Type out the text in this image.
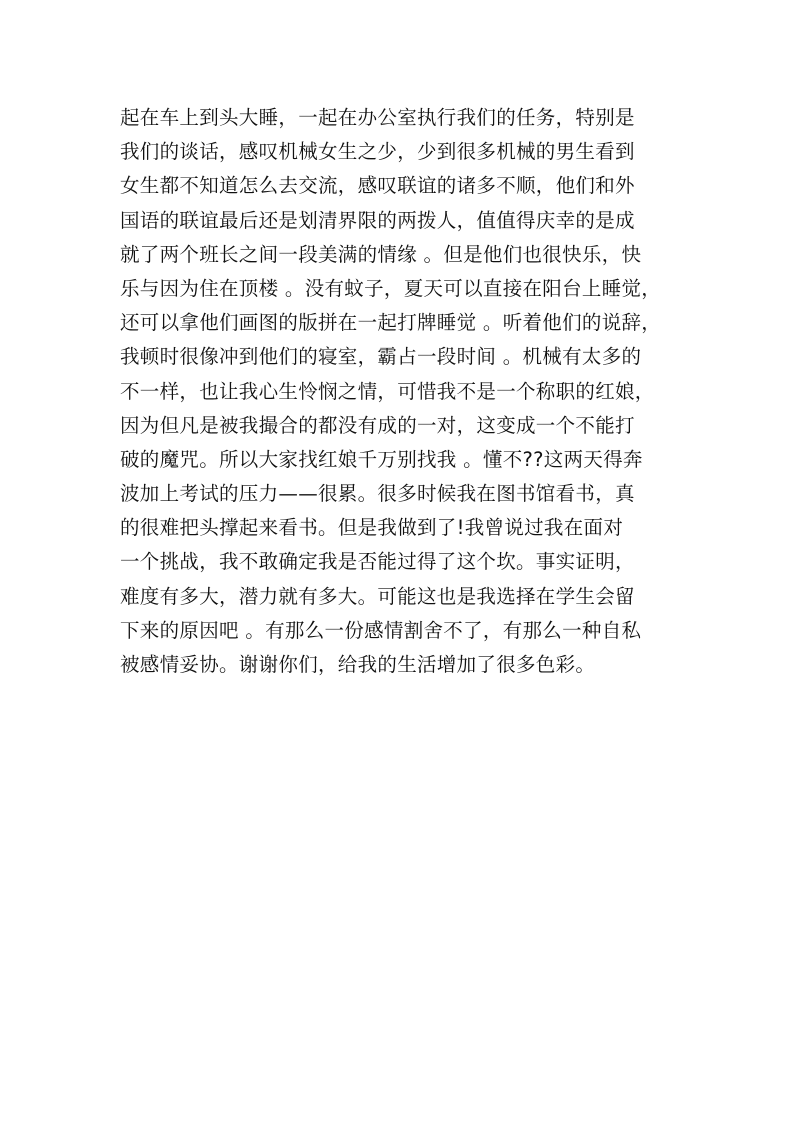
起在车上到头大睡，一起在办公室执行我们的任务，特别是
我们的谈话，感叹机械女生之少，少到很多机械的男生看到
女生都不知道怎么去交流，感叹联谊的诸多不顺，他们和外
国语的联谊最后还是划清界限的两拨人，值值得庆幸的是成
就了两个班长之间一段美满的情缘 。但是他们也很快乐，快
乐与因为住在顶楼 。没有蚊子，夏天可以直接在阳台上睡觉，
还可以拿他们画图的版拼在一起打牌睡觉 。听着他们的说辞，
我顿时很像冲到他们的寝室，霸占一段时间 。机械有太多的
不一样，也让我心生怜悯之情，可惜我不是一个称职的红娘，
因为但凡是被我撮合的都没有成的一对，这变成一个不能打
破的魔咒。所以大家找红娘千万别找我 。懂不??这两天得奔
波加上考试的压力——很累。很多时候我在图书馆看书，真
的很难把头撑起来看书。但是我做到了!我曾说过我在面对
一个挑战，我不敢确定我是否能过得了这个坎。事实证明，
难度有多大，潜力就有多大。可能这也是我选择在学生会留
下来的原因吧 。有那么一份感情割舍不了，有那么一种自私
被感情妥协。谢谢你们，给我的生活增加了很多色彩。
